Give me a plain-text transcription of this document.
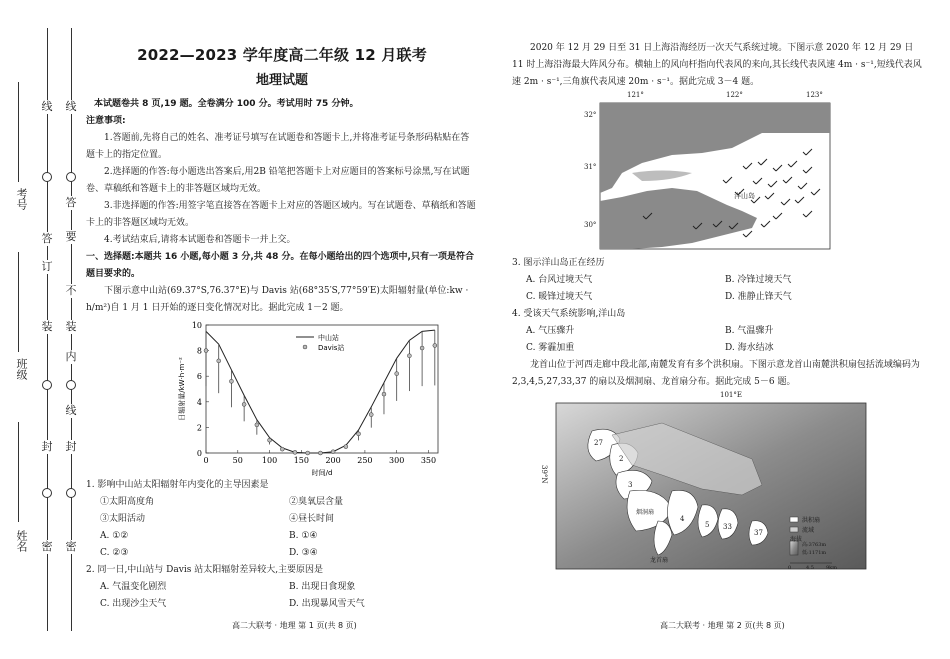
线
答
订
装
封
密
线
答
要
不
装
内
线
封
密
考号
班级
姓名
2022—2023 学年度高二年级 12 月联考
地理试题
本试题卷共 8 页,19 题。全卷满分 100 分。考试用时 75 分钟。
注意事项:
1.答题前,先将自己的姓名、准考证号填写在试题卷和答题卡上,并将准考证号条形码粘贴在答题卡上的指定位置。
2.选择题的作答:每小题选出答案后,用2B 铅笔把答题卡上对应题目的答案标号涂黑,写在试题卷、草稿纸和答题卡上的非答题区域均无效。
3.非选择题的作答:用签字笔直接答在答题卡上对应的答题区域内。写在试题卷、草稿纸和答题卡上的非答题区域均无效。
4.考试结束后,请将本试题卷和答题卡一并上交。
一、选择题:本题共 16 小题,每小题 3 分,共 48 分。在每小题给出的四个选项中,只有一项是符合题目要求的。
下图示意中山站(69.37°S,76.37°E)与 Davis 站(68°35′S,77°59′E)太阳辐射量(单位:kw · h/m²)自 1 月 1 日开始的逐日变化情况对比。据此完成 1－2 题。
0	50 100 150 200 250 300 350
0
2
4
6
8
10
时间/d
日辐射量/kW·h·m⁻²
中山站
Davis站
1. 影响中山站太阳辐射年内变化的主导因素是
①太阳高度角	②臭氧层含量
③太阳活动	④昼长时间
A. ①②	B. ①④
C. ②③	D. ③④
2. 同一日,中山站与 Davis 站太阳辐射差异较大,主要原因是
A. 气温变化剧烈	B. 出现日食现象
C. 出现沙尘天气	D. 出现暴风雪天气
高二大联考 · 地理 第 1 页(共 8 页)
2020 年 12 月 29 日至 31 日上海沿海经历一次天气系统过境。下图示意 2020 年 12 月 29 日 11 时上海沿海最大阵风分布。横轴上的风向杆指向代表风的来向,其长线代表风速 4m · s⁻¹,短线代表风速 2m · s⁻¹,三角旗代表风速 20m · s⁻¹。据此完成 3－4 题。
121°	122°	123°
32°
31°
30°
洋山岛
3. 图示洋山岛正在经历
A. 台风过境天气	B. 冷锋过境天气
C. 暖锋过境天气	D. 准静止锋天气
4. 受该天气系统影响,洋山岛
A. 气压骤升	B. 气温骤升
C. 雾霾加重	D. 海水结冰
龙首山位于河西走廊中段北部,南麓发育有多个洪积扇。下图示意龙首山南麓洪积扇包括流域编码为 2,3,4,5,27,33,37 的扇以及烟洞扇、龙首扇分布。据此完成 5－6 题。
101°E
39°N
27
2
3
烟洞扇
4
5 33
37
龙首扇
洪积扇
流域
海拔
高:3763m
低:1171m
0	4.5 9km
高二大联考 · 地理 第 2 页(共 8 页)
